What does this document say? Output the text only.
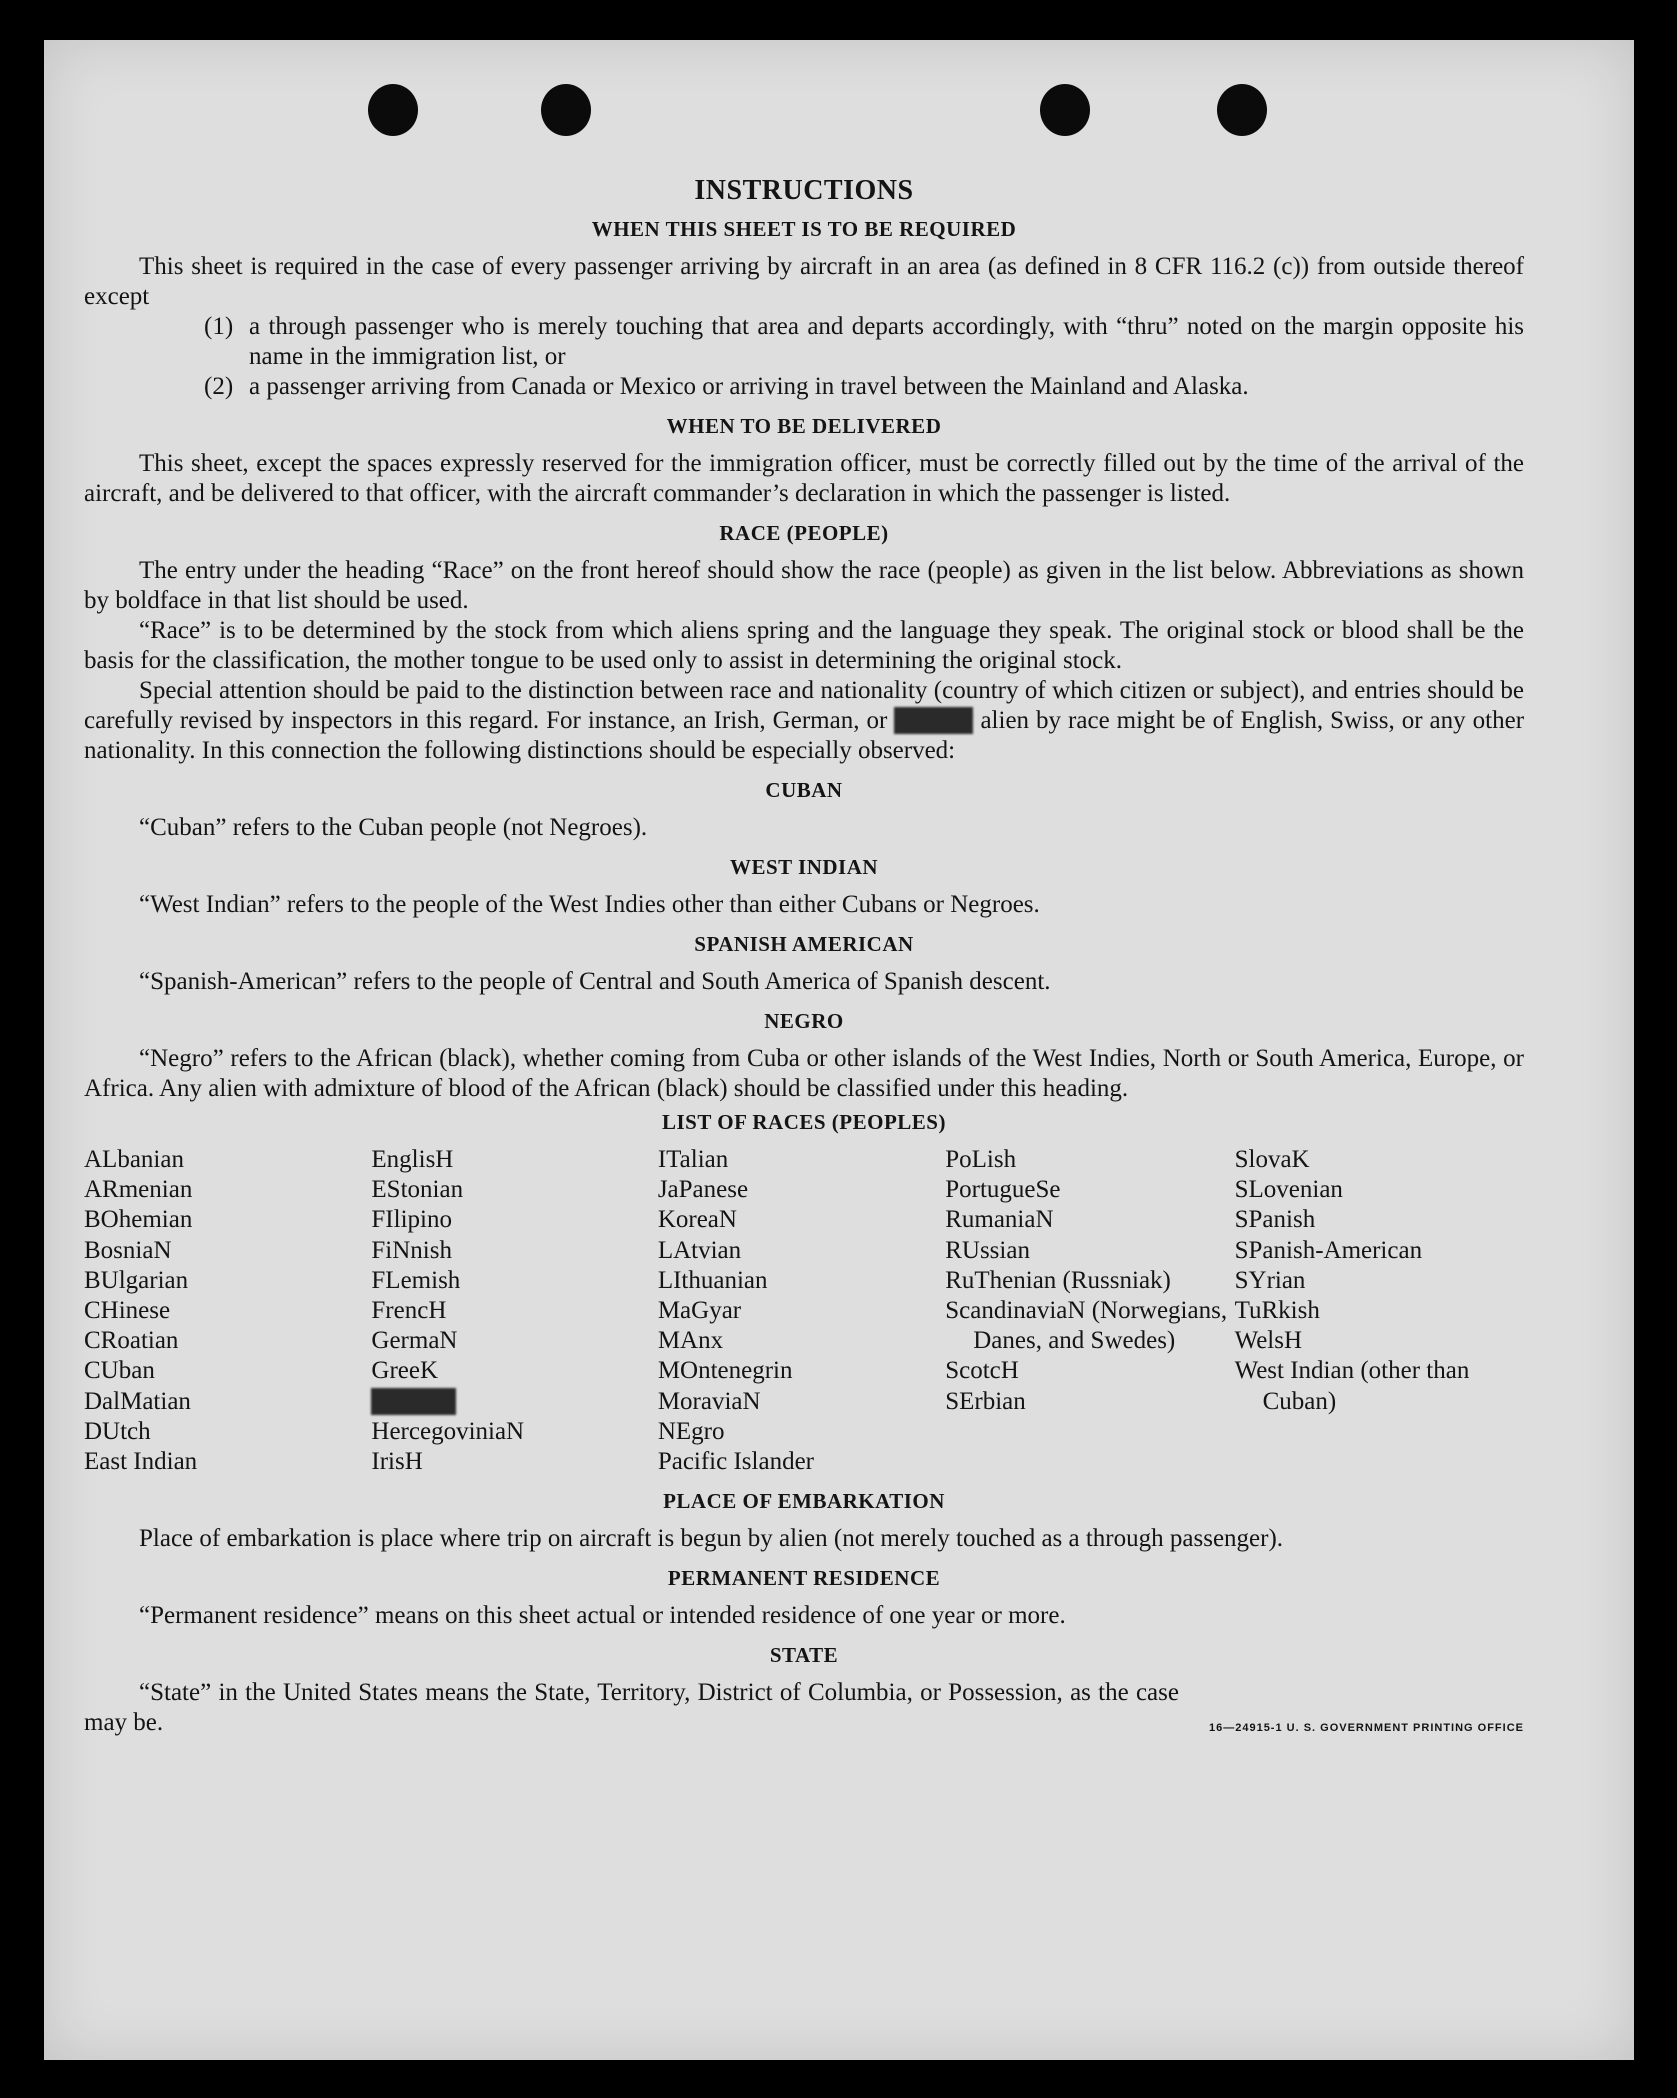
INSTRUCTIONS
WHEN THIS SHEET IS TO BE REQUIRED

This sheet is required in the case of every passenger arriving by aircraft in an area (as defined in 8 CFR 116.2 (c)) from outside thereof except

(1) a through passenger who is merely touching that area and departs accordingly, with “thru” noted on the margin opposite his name in the immigration list, or
(2) a passenger arriving from Canada or Mexico or arriving in travel between the Mainland and Alaska.
WHEN TO BE DELIVERED

This sheet, except the spaces expressly reserved for the immigration officer, must be correctly filled out by the time of the arrival of the aircraft, and be delivered to that officer, with the aircraft commander’s declaration in which the passenger is listed.

RACE (PEOPLE)

The entry under the heading “Race” on the front hereof should show the race (people) as given in the list below. Abbreviations as shown by boldface in that list should be used.

“Race” is to be determined by the stock from which aliens spring and the language they speak. The original stock or blood shall be the basis for the classification, the mother tongue to be used only to assist in determining the original stock.

Special attention should be paid to the distinction between race and nationality (country of which citizen or subject), and entries should be carefully revised by inspectors in this regard. For instance, an Irish, German, or Hebrew alien by race might be of English, Swiss, or any other nationality. In this connection the following distinctions should be especially observed:

CUBAN

“Cuban” refers to the Cuban people (not Negroes).

WEST INDIAN

“West Indian” refers to the people of the West Indies other than either Cubans or Negroes.

SPANISH AMERICAN

“Spanish-American” refers to the people of Central and South America of Spanish descent.

NEGRO

“Negro” refers to the African (black), whether coming from Cuba or other islands of the West Indies, North or South America, Europe, or Africa. Any alien with admixture of blood of the African (black) should be classified under this heading.

LIST OF RACES (PEOPLES)
ALbanian
ARmenian
BOhemian
BosniaN
BUlgarian
CHinese
CRoatian
CUban
DalMatian
DUtch
East Indian
EnglisH
EStonian
FIlipino
FiNnish
FLemish
FrencH
GermaN
GreeK
HebreW
HercegoviniaN
IrisH
ITalian
JaPanese
KoreaN
LAtvian
LIthuanian
MaGyar
MAnx
MOntenegrin
MoraviaN
NEgro
Pacific Islander
PoLish
PortugueSe
RumaniaN
RUssian
RuThenian (Russniak)
ScandinaviaN (Norwegians, Danes, and Swedes)
ScotcH
SErbian
SlovaK
SLovenian
SPanish
SPanish-American
SYrian
TuRkish
WelsH
West Indian (other than Cuban)
PLACE OF EMBARKATION

Place of embarkation is place where trip on aircraft is begun by alien (not merely touched as a through passenger).

PERMANENT RESIDENCE

“Permanent residence” means on this sheet actual or intended residence of one year or more.

STATE

“State” in the United States means the State, Territory, District of Columbia, or Possession, as the case may be.	16—24915-1 U. S. GOVERNMENT PRINTING OFFICE
